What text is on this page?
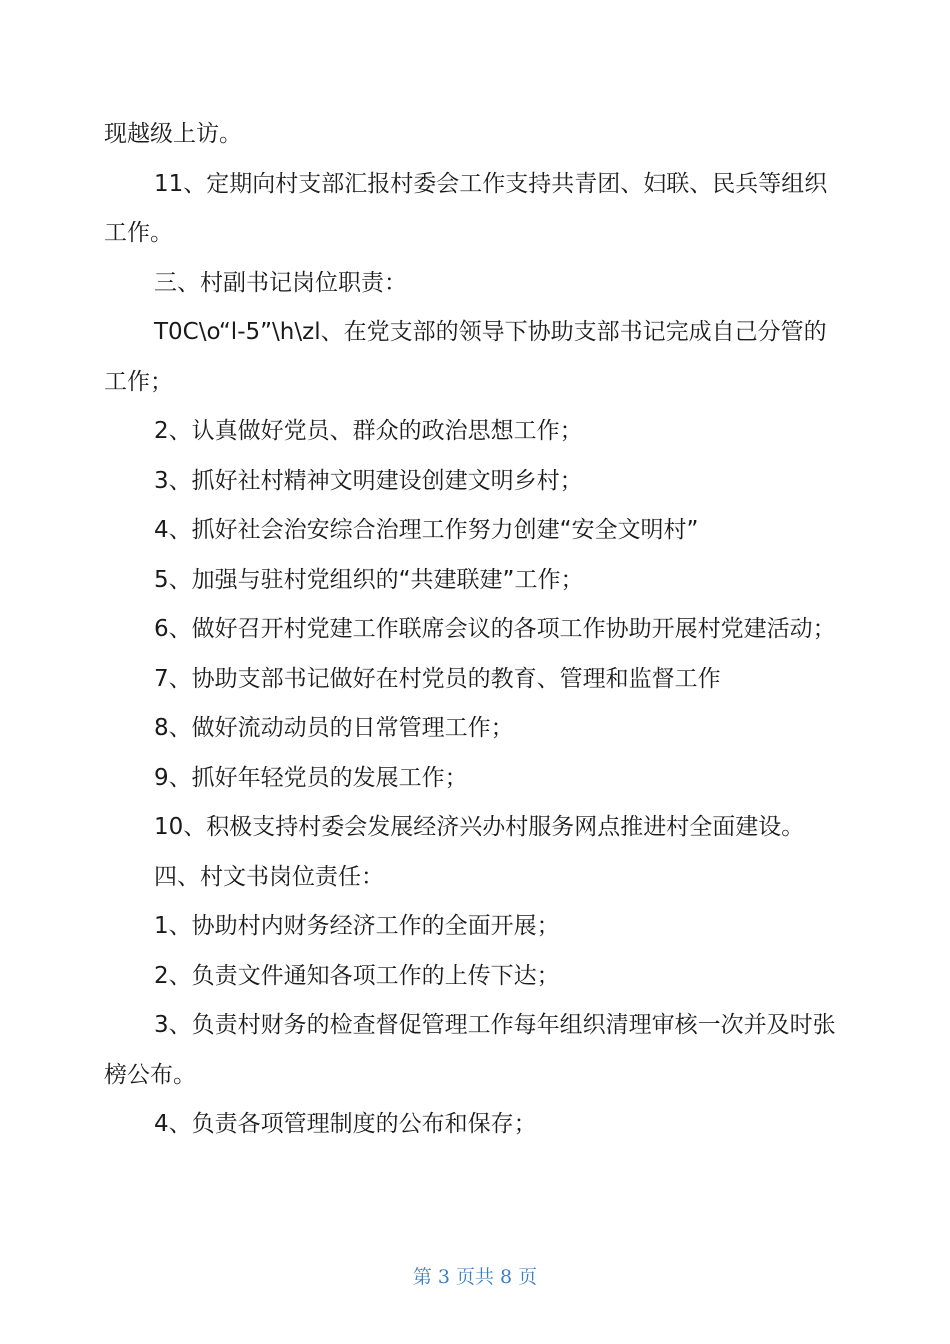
现越级上访。

11、定期向村支部汇报村委会工作支持共青团、妇联、民兵等组织工作。

三、村副书记岗位职责：

T0C\o“l-5”\h\zl、在党支部的领导下协助支部书记完成自己分管的工作；

2、认真做好党员、群众的政治思想工作；

3、抓好社村精神文明建设创建文明乡村；

4、抓好社会治安综合治理工作努力创建“安全文明村”

5、加强与驻村党组织的“共建联建”工作；

6、做好召开村党建工作联席会议的各项工作协助开展村党建活动；

7、协助支部书记做好在村党员的教育、管理和监督工作

8、做好流动动员的日常管理工作；

9、抓好年轻党员的发展工作；

10、积极支持村委会发展经济兴办村服务网点推进村全面建设。

四、村文书岗位责任：

1、协助村内财务经济工作的全面开展；

2、负责文件通知各项工作的上传下达；

3、负责村财务的检查督促管理工作每年组织清理审核一次并及时张榜公布。

4、负责各项管理制度的公布和保存；

第 3 页共 8 页
